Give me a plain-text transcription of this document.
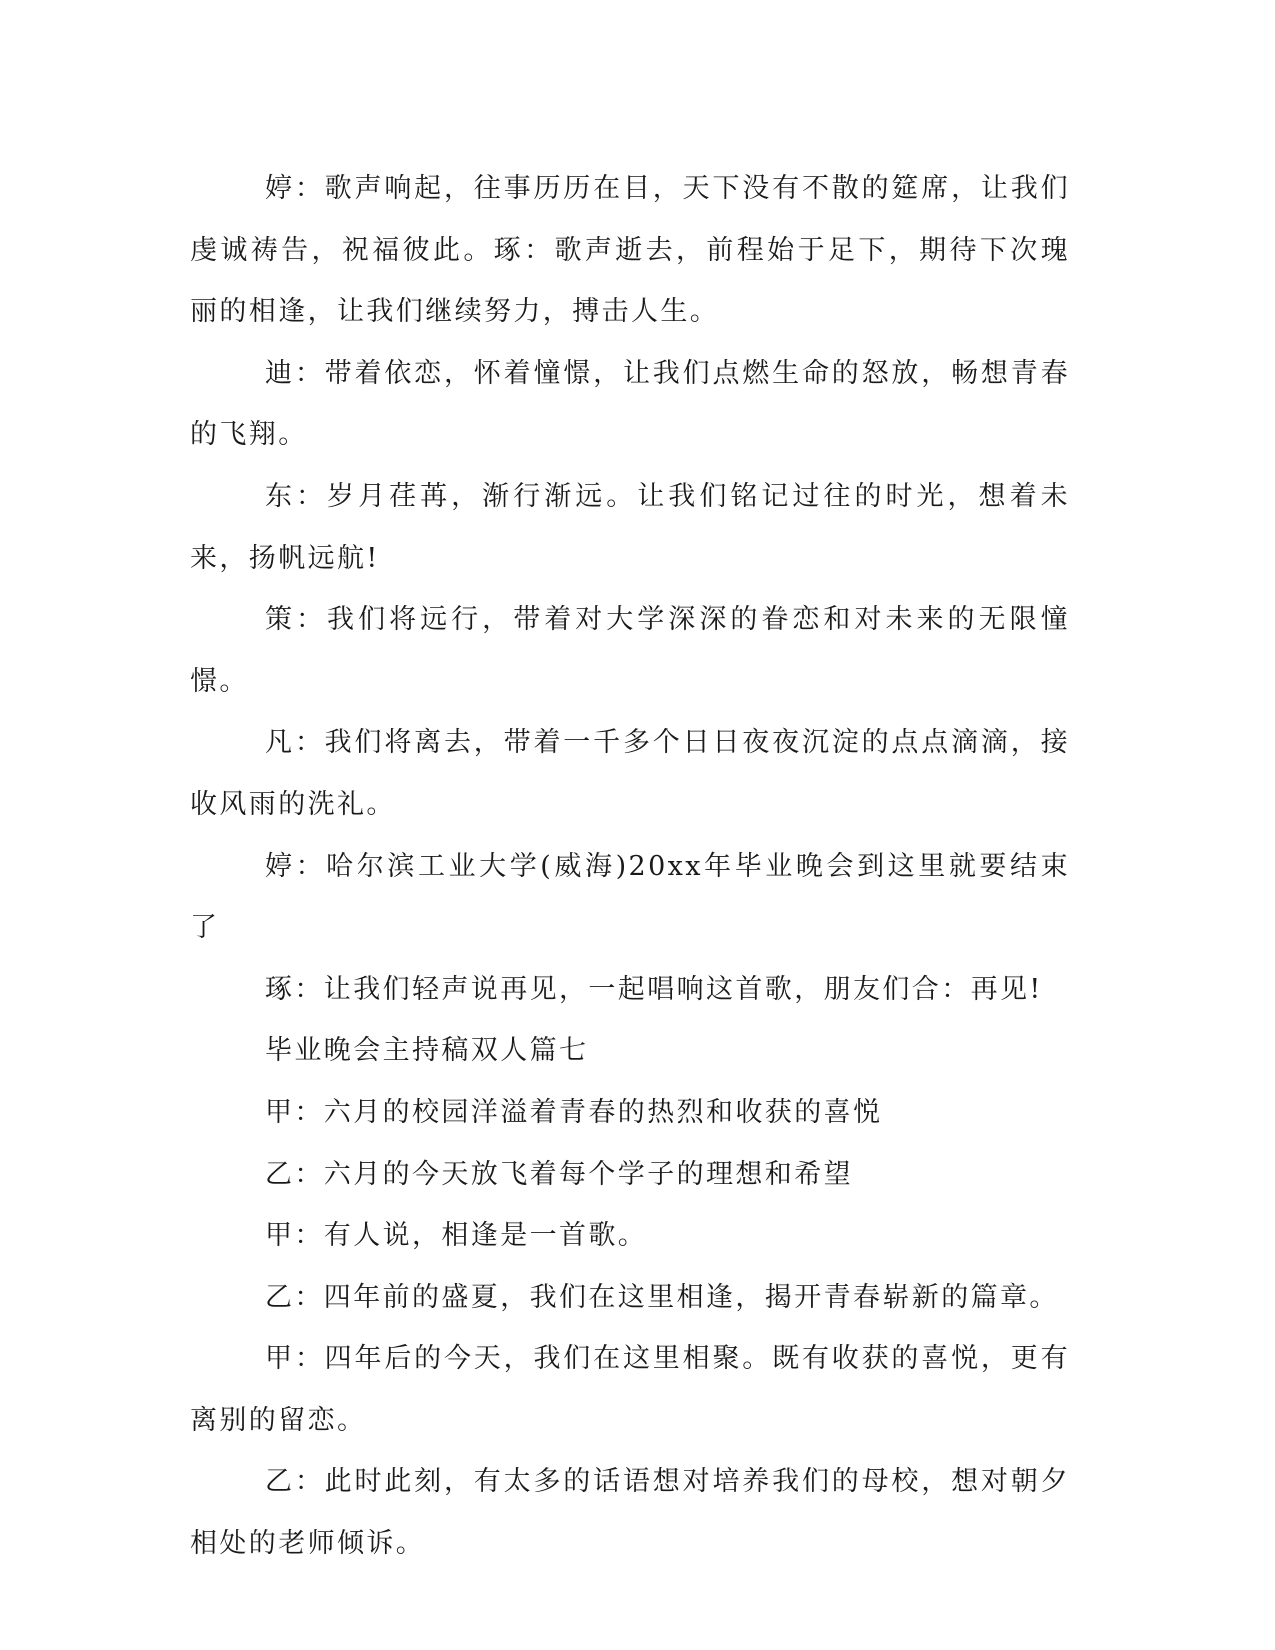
婷：歌声响起，往事历历在目，天下没有不散的筵席，让我们虔诚祷告，祝福彼此。琢：歌声逝去，前程始于足下，期待下次瑰丽的相逢，让我们继续努力，搏击人生。

迪：带着依恋，怀着憧憬，让我们点燃生命的怒放，畅想青春的飞翔。

东：岁月荏苒，渐行渐远。让我们铭记过往的时光，想着未来，扬帆远航!

策：我们将远行，带着对大学深深的眷恋和对未来的无限憧憬。

凡：我们将离去，带着一千多个日日夜夜沉淀的点点滴滴，接收风雨的洗礼。

婷：哈尔滨工业大学(威海)20xx年毕业晚会到这里就要结束了

琢：让我们轻声说再见，一起唱响这首歌，朋友们合：再见!

毕业晚会主持稿双人篇七

甲：六月的校园洋溢着青春的热烈和收获的喜悦

乙：六月的今天放飞着每个学子的理想和希望

甲：有人说，相逢是一首歌。

乙：四年前的盛夏，我们在这里相逢，揭开青春崭新的篇章。

甲：四年后的今天，我们在这里相聚。既有收获的喜悦，更有离别的留恋。

乙：此时此刻，有太多的话语想对培养我们的母校，想对朝夕相处的老师倾诉。
